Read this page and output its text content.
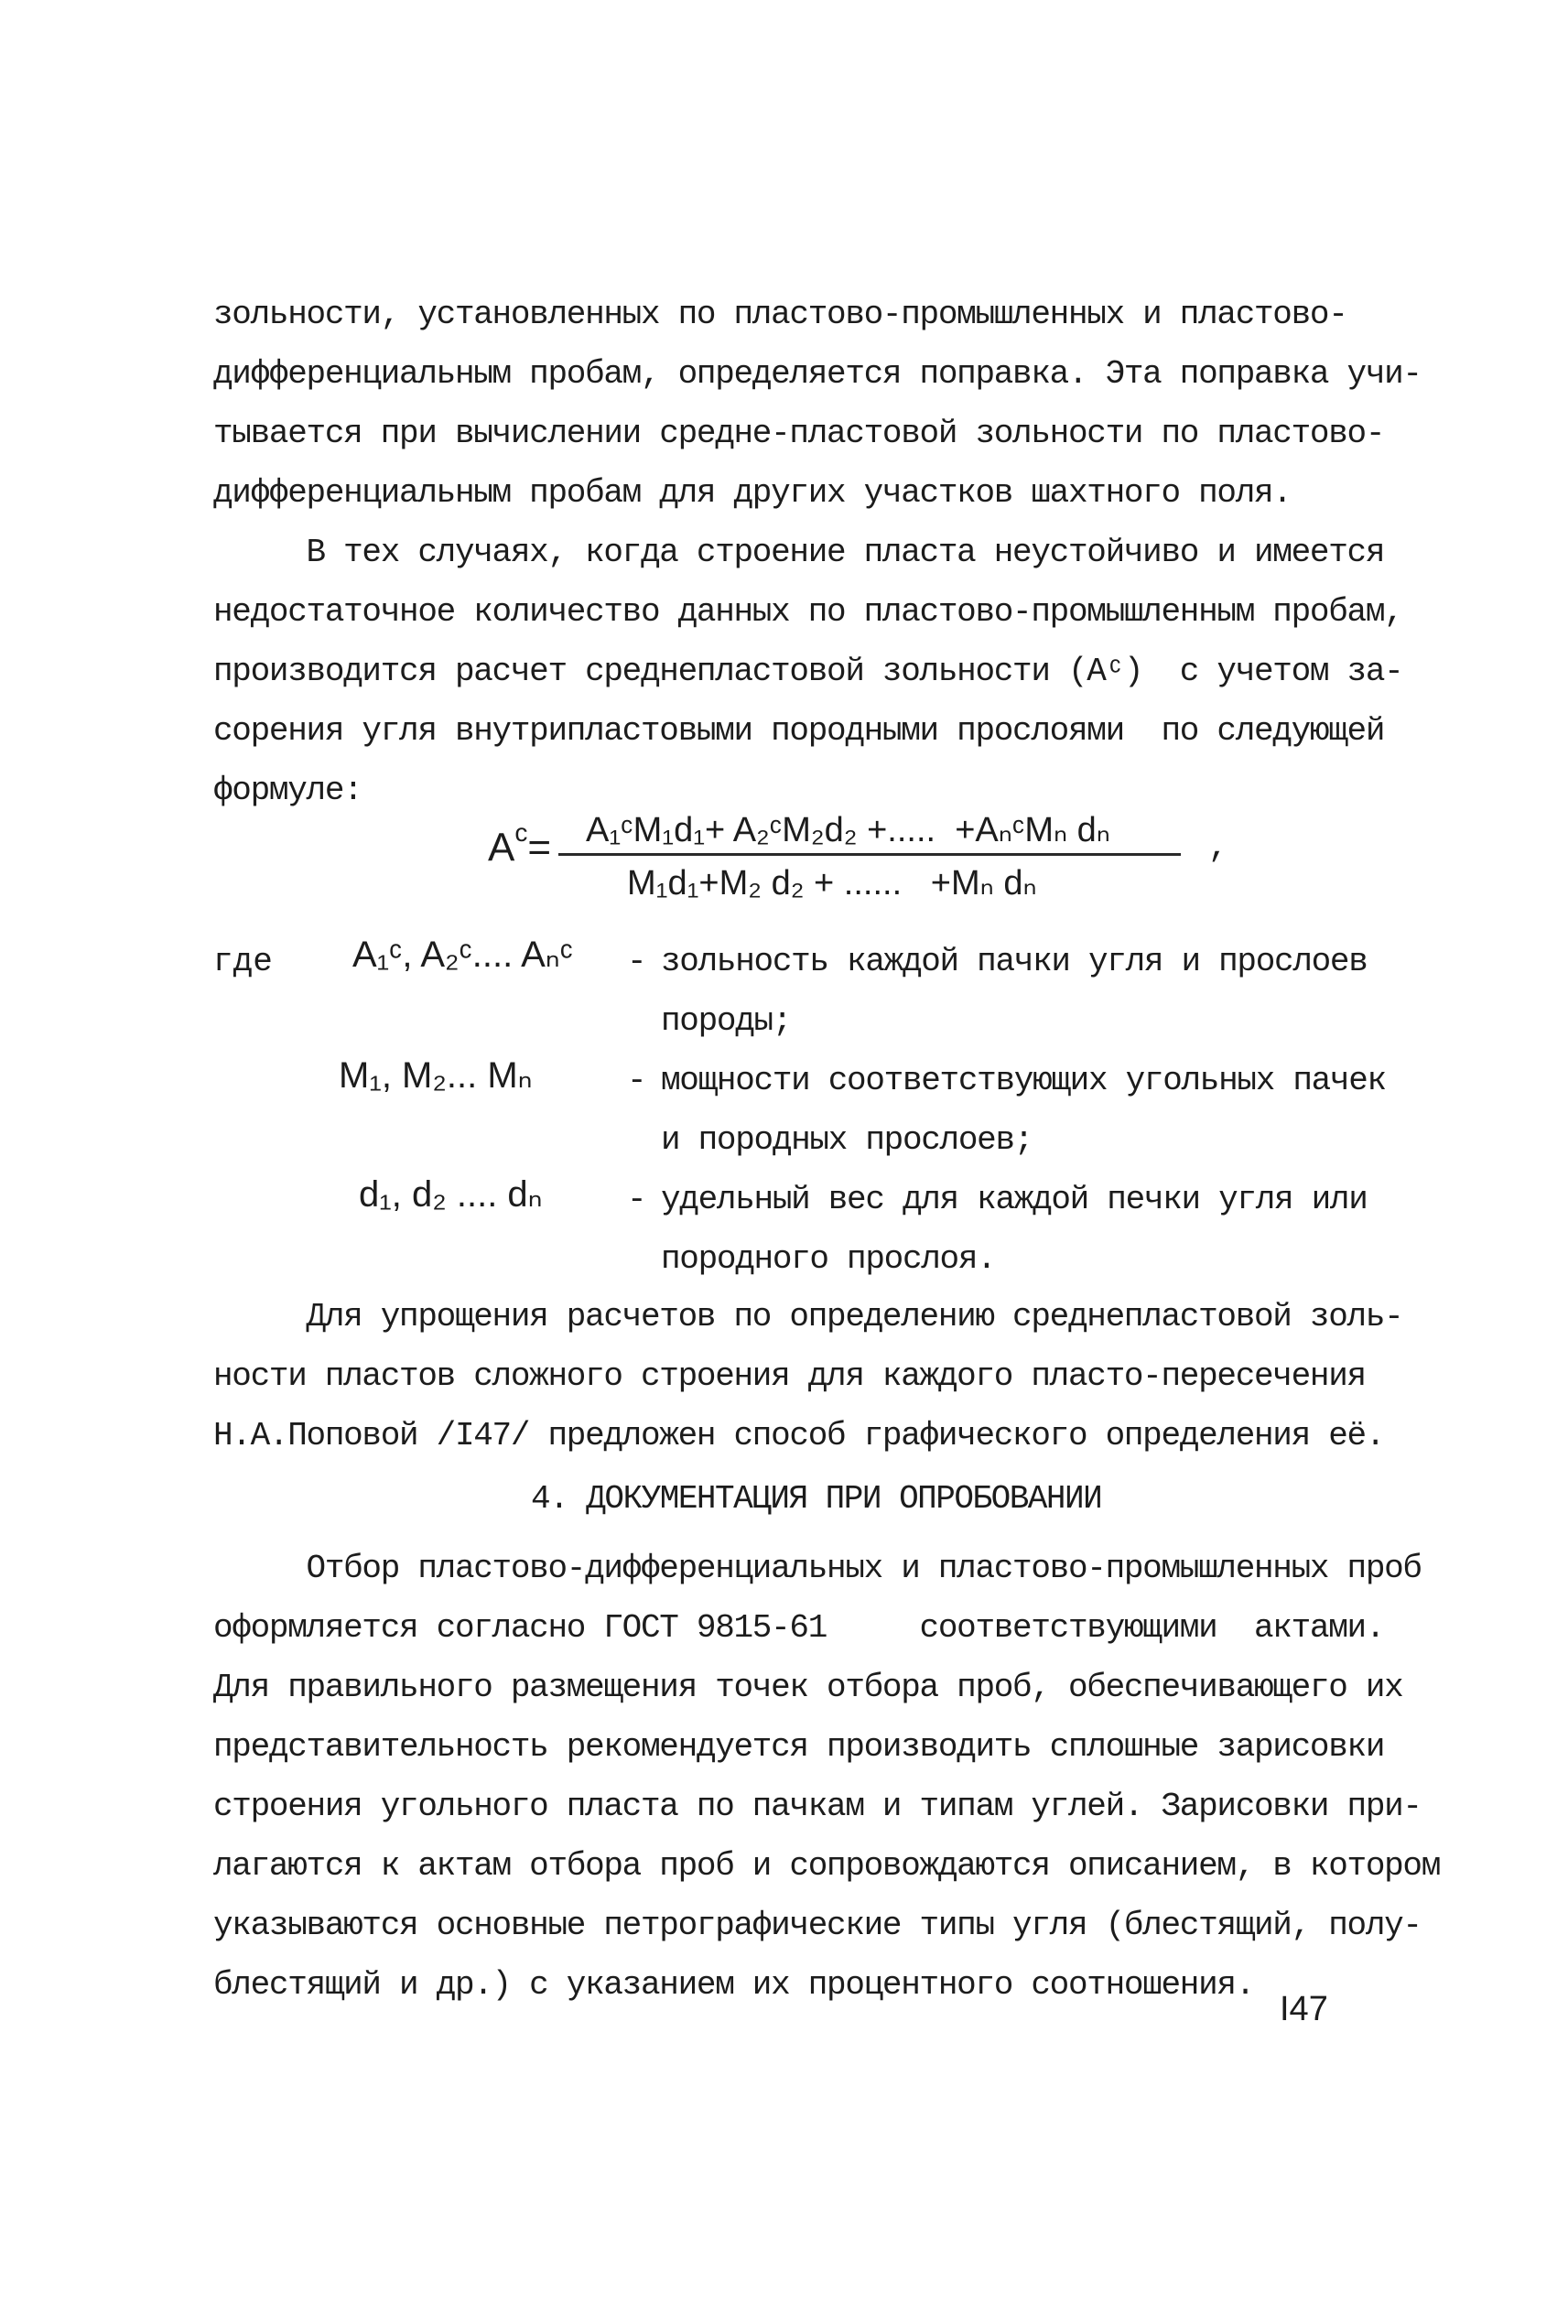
зольности, установленных по пластово-промышленных и пластово-
дифференциальным пробам, определяется поправка. Эта поправка учи-
тывается при вычислении средне-пластовой зольности по пластово-
дифференциальным пробам для других участков шахтного поля.
В тех случаях, когда строение пласта неустойчиво и имеется
недостаточное количество данных по пластово-промышленным пробам,
производится расчет среднепластовой зольности (Aᶜ)  с учетом за-
сорения угля внутрипластовыми породными прослоями  по следующей
формуле:
$A^c=$ A₁ᶜM₁d₁+ A₂ᶜM₂d₂ +.....  +AₙᶜMₙ dₙ
M₁d₁+M₂ d₂ + ......   +Mₙ dₙ
,
где A₁ᶜ, A₂ᶜ.... Aₙᶜ - зольность каждой пачки угля и прослоев
породы;
M₁, M₂... Mₙ	- мощности соответствующих угольных пачек
и породных прослоев;
d₁, d₂ .... dₙ	- удельный вес для каждой печки угля или
породного прослоя.
Для упрощения расчетов по определению среднепластовой золь-
ности пластов сложного строения для каждого пласто-пересечения
Н.А.Поповой /I47/ предложен способ графического определения её.
4. ДОКУМЕНТАЦИЯ ПРИ ОПРОБОВАНИИ
Отбор пластово-дифференциальных и пластово-промышленных проб
оформляется согласно ГОСТ 9815-61     соответствующими  актами.
Для правильного размещения точек отбора проб, обеспечивающего их
представительность рекомендуется производить сплошные зарисовки
строения угольного пласта по пачкам и типам углей. Зарисовки при-
лагаются к актам отбора проб и сопровождаются описанием, в котором
указываются основные петрографические типы угля (блестящий, полу-
блестящий и др.) с указанием их процентного соотношения.
I47
